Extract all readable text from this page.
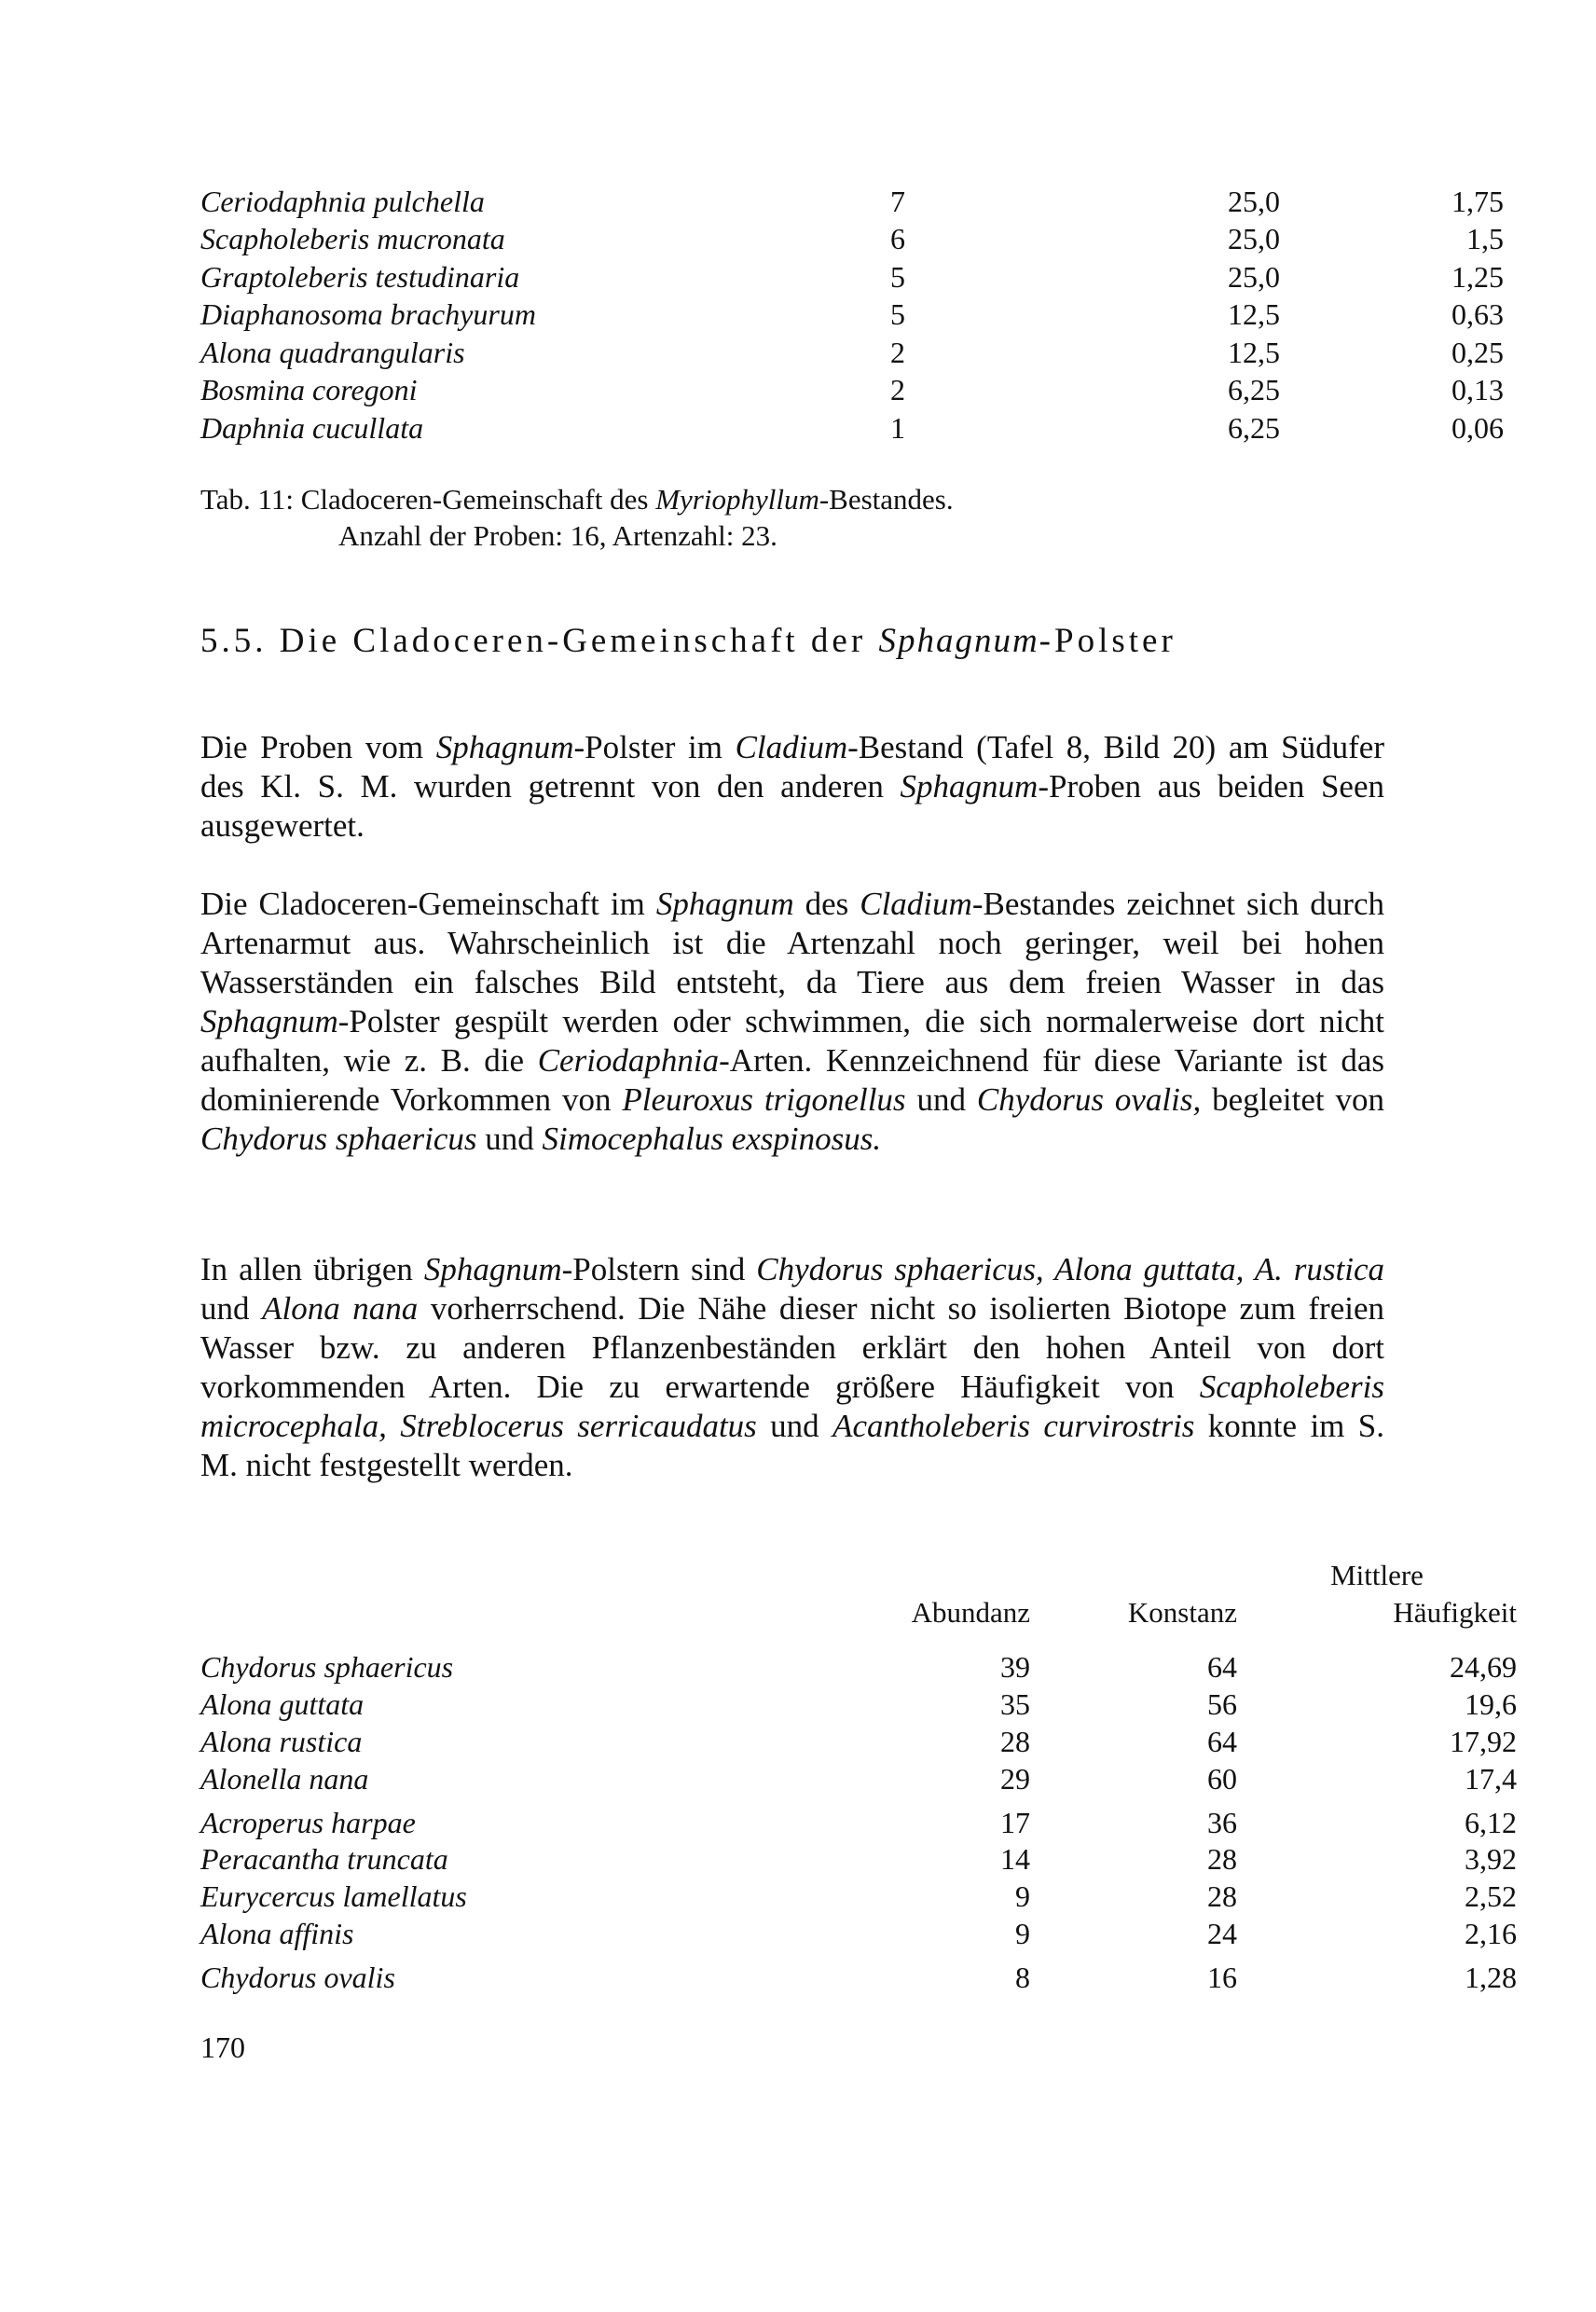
Ceriodaphnia pulchella	7	25,0	1,75
Scapholeberis mucronata	6	25,0	1,5
Graptoleberis testudinaria	5	25,0	1,25
Diaphanosoma brachyurum	5	12,5	0,63
Alona quadrangularis	2	12,5	0,25
Bosmina coregoni	2	6,25	0,13
Daphnia cucullata	1	6,25	0,06
Tab. 11: Cladoceren-Gemeinschaft des Myriophyllum-Bestandes.
Anzahl der Proben: 16, Artenzahl: 23.
5.5. Die Cladoceren-Gemeinschaft der Sphagnum-Polster

Die Proben vom Sphagnum-Polster im Cladium-Bestand (Tafel 8, Bild 20) am Südufer des Kl. S. M. wurden getrennt von den anderen Sphagnum-Proben aus beiden Seen ausgewertet.

Die Cladoceren-Gemeinschaft im Sphagnum des Cladium-Bestandes zeichnet sich durch Artenarmut aus. Wahrscheinlich ist die Artenzahl noch geringer, weil bei hohen Wasserständen ein falsches Bild entsteht, da Tiere aus dem freien Wasser in das Sphagnum-Polster gespült werden oder schwimmen, die sich normalerweise dort nicht aufhalten, wie z. B. die Ceriodaphnia-Arten. Kennzeichnend für diese Variante ist das dominierende Vorkommen von Pleuroxus trigonellus und Chydorus ovalis, begleitet von Chydorus sphaericus und Simocephalus exspinosus.

In allen übrigen Sphagnum-Polstern sind Chydorus sphaericus, Alona guttata, A. rustica und Alona nana vorherrschend. Die Nähe dieser nicht so isolierten Biotope zum freien Wasser bzw. zu anderen Pflanzenbeständen erklärt den hohen Anteil von dort vorkommenden Arten. Die zu erwartende größere Häufigkeit von Scapholeberis microcephala, Streblocerus serricaudatus und Acantholeberis curvirostris konnte im S. M. nicht festgestellt werden.

	Abundanz	Konstanz	Mittlere
Häufigkeit

Chydorus sphaericus	39	64	24,69
Alona guttata	35	56	19,6
Alona rustica	28	64	17,92
Alonella nana	29	60	17,4
Acroperus harpae	17	36	6,12
Peracantha truncata	14	28	3,92
Eurycercus lamellatus	9	28	2,52
Alona affinis	9	24	2,16
Chydorus ovalis	8	16	1,28
170
